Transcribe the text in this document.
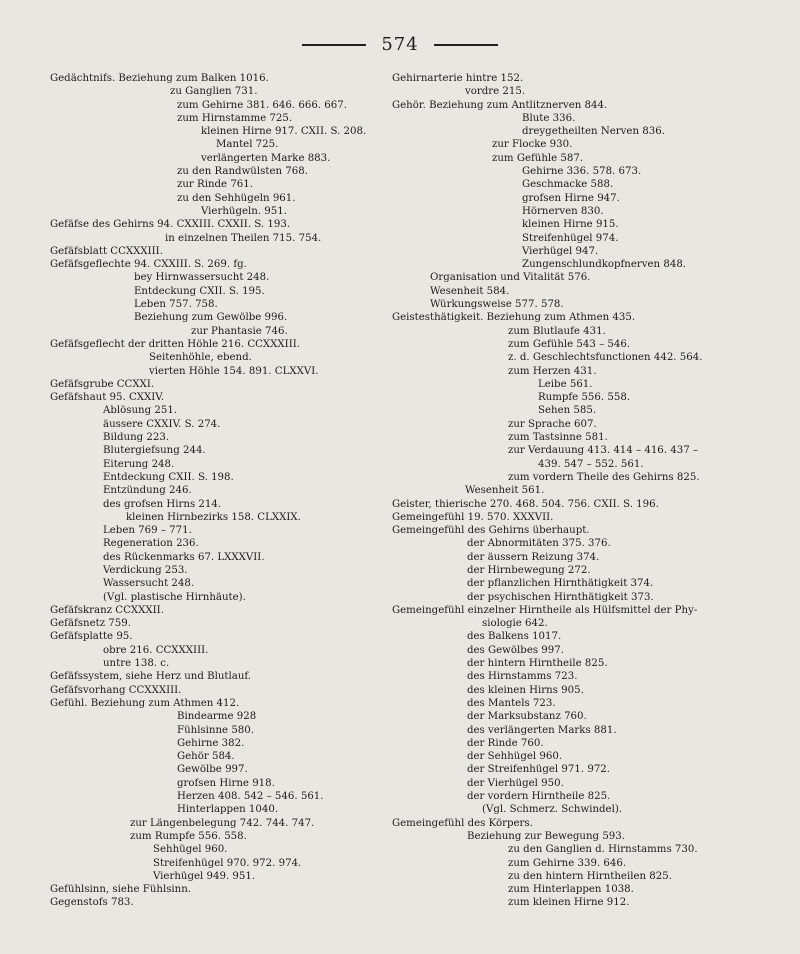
574
Gedächtnifs. Beziehung zum Balken 1016.
zu Ganglien 731.
zum Gehirne 381. 646. 666. 667.
zum Hirnstamme 725.
kleinen Hirne 917. CXII. S. 208.
Mantel 725.
verlängerten Marke 883.
zu den Randwülsten 768.
zur Rinde 761.
zu den Sehhügeln 961.
Vierhügeln. 951.
Gefäfse des Gehirns 94. CXXIII. CXXII. S. 193.
in einzelnen Theilen 715. 754.
Gefäfsblatt CCXXXIII.
Gefäfsgeflechte 94. CXXIII. S. 269. fg.
bey Hirnwassersucht 248.
Entdeckung CXII. S. 195.
Leben 757. 758.
Beziehung zum Gewölbe 996.
zur Phantasie 746.
Gefäfsgeflecht der dritten Höhle 216. CCXXXIII.
Seitenhöhle, ebend.
vierten Höhle 154. 891. CLXXVI.
Gefäfsgrube CCXXI.
Gefäfshaut 95. CXXIV.
Ablösung 251.
äussere CXXIV. S. 274.
Bildung 223.
Blutergiefsung 244.
Eiterung 248.
Entdeckung CXII. S. 198.
Entzündung 246.
des grofsen Hirns 214.
kleinen Hirnbezirks 158. CLXXIX.
Leben 769 – 771.
Regeneration 236.
des Rückenmarks 67. LXXXVII.
Verdickung 253.
Wassersucht 248.
(Vgl. plastische Hirnhäute).
Gefäfskranz CCXXXII.
Gefäfsnetz 759.
Gefäfsplatte 95.
obre 216. CCXXXIII.
untre 138. c.
Gefäfssystem, siehe Herz und Blutlauf.
Gefäfsvorhang CCXXXIII.
Gefühl. Beziehung zum Athmen 412.
Bindearme 928
Fühlsinne 580.
Gehirne 382.
Gehör 584.
Gewölbe 997.
grofsen Hirne 918.
Herzen 408. 542 – 546. 561.
Hinterlappen 1040.
zur Längenbelegung 742. 744. 747.
zum Rumpfe 556. 558.
Sehhügel 960.
Streifenhügel 970. 972. 974.
Vierhügel 949. 951.
Gefühlsinn, siehe Fühlsinn.
Gegenstofs 783.
Gehirnarterie hintre 152.
vordre 215.
Gehör. Beziehung zum Antlitznerven 844.
Blute 336.
dreygetheilten Nerven 836.
zur Flocke 930.
zum Gefühle 587.
Gehirne 336. 578. 673.
Geschmacke 588.
grofsen Hirne 947.
Hörnerven 830.
kleinen Hirne 915.
Streifenhügel 974.
Vierhügel 947.
Zungenschlundkopfnerven 848.
Organisation und Vitalität 576.
Wesenheit 584.
Würkungsweise 577. 578.
Geistesthätigkeit. Beziehung zum Athmen 435.
zum Blutlaufe 431.
zum Gefühle 543 – 546.
z. d. Geschlechtsfunctionen 442. 564.
zum Herzen 431.
Leibe 561.
Rumpfe 556. 558.
Sehen 585.
zur Sprache 607.
zum Tastsinne 581.
zur Verdauung 413. 414 – 416. 437 –
439. 547 – 552. 561.
zum vordern Theile des Gehirns 825.
Wesenheit 561.
Geister, thierische 270. 468. 504. 756. CXII. S. 196.
Gemeingefühl 19. 570. XXXVII.
Gemeingefühl des Gehirns überhaupt.
der Abnormitäten 375. 376.
der äussern Reizung 374.
der Hirnbewegung 272.
der pflanzlichen Hirnthätigkeit 374.
der psychischen Hirnthätigkeit 373.
Gemeingefühl einzelner Hirntheile als Hülfsmittel der Phy-
siologie 642.
des Balkens 1017.
des Gewölbes 997.
der hintern Hirntheile 825.
des Hirnstamms 723.
des kleinen Hirns 905.
des Mantels 723.
der Marksubstanz 760.
des verlängerten Marks 881.
der Rinde 760.
der Sehhügel 960.
der Streifenhügel 971. 972.
der Vierhügel 950.
der vordern Hirntheile 825.
(Vgl. Schmerz. Schwindel).
Gemeingefühl des Körpers.
Beziehung zur Bewegung 593.
zu den Ganglien d. Hirnstamms 730.
zum Gehirne 339. 646.
zu den hintern Hirntheilen 825.
zum Hinterlappen 1038.
zum kleinen Hirne 912.
